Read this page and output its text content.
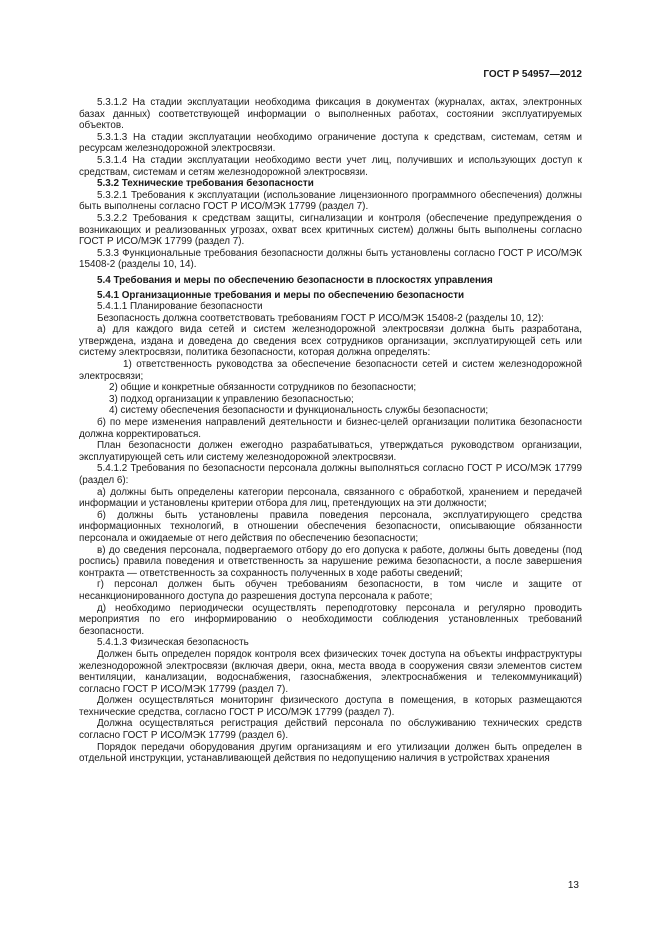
ГОСТ Р 54957—2012

5.3.1.2 На стадии эксплуатации необходима фиксация в документах (журналах, актах, электронных базах данных) соответствующей информации о выполненных работах, состоянии эксплуатируемых объектов.

5.3.1.3 На стадии эксплуатации необходимо ограничение доступа к средствам, системам, сетям и ресурсам железнодорожной электросвязи.

5.3.1.4 На стадии эксплуатации необходимо вести учет лиц, получивших и использующих доступ к средствам, системам и сетям железнодорожной электросвязи.

5.3.2 Технические требования безопасности

5.3.2.1 Требования к эксплуатации (использование лицензионного программного обеспечения) должны быть выполнены согласно ГОСТ Р ИСО/МЭК 17799 (раздел 7).

5.3.2.2 Требования к средствам защиты, сигнализации и контроля (обеспечение предупреждения о возникающих и реализованных угрозах, охват всех критичных систем) должны быть выполнены согласно ГОСТ Р ИСО/МЭК 17799 (раздел 7).

5.3.3 Функциональные требования безопасности должны быть установлены согласно ГОСТ Р ИСО/МЭК 15408-2 (разделы 10, 14).

5.4 Требования и меры по обеспечению безопасности в плоскостях управления

5.4.1 Организационные требования и меры по обеспечению безопасности

5.4.1.1 Планирование безопасности

Безопасность должна соответствовать требованиям ГОСТ Р ИСО/МЭК 15408-2 (разделы 10, 12):

а) для каждого вида сетей и систем железнодорожной электросвязи должна быть разработана, утверждена, издана и доведена до сведения всех сотрудников организации, эксплуатирующей сеть или систему электросвязи, политика безопасности, которая должна определять:

1) ответственность руководства за обеспечение безопасности сетей и систем железнодорожной электросвязи;

2) общие и конкретные обязанности сотрудников по безопасности;

3) подход организации к управлению безопасностью;

4) систему обеспечения безопасности и функциональность службы безопасности;

б) по мере изменения направлений деятельности и бизнес-целей организации политика безопасности должна корректироваться.

План безопасности должен ежегодно разрабатываться, утверждаться руководством организации, эксплуатирующей сеть или систему железнодорожной электросвязи.

5.4.1.2 Требования по безопасности персонала должны выполняться согласно ГОСТ Р ИСО/МЭК 17799 (раздел 6):

а) должны быть определены категории персонала, связанного с обработкой, хранением и передачей информации и установлены критерии отбора для лиц, претендующих на эти должности;

б) должны быть установлены правила поведения персонала, эксплуатирующего средства информационных технологий, в отношении обеспечения безопасности, описывающие обязанности персонала и ожидаемые от него действия по обеспечению безопасности;

в) до сведения персонала, подвергаемого отбору до его допуска к работе, должны быть доведены (под роспись) правила поведения и ответственность за нарушение режима безопасности, а после завершения контракта — ответственность за сохранность полученных в ходе работы сведений;

г) персонал должен быть обучен требованиям безопасности, в том числе и защите от несанкционированного доступа до разрешения доступа персонала к работе;

д) необходимо периодически осуществлять переподготовку персонала и регулярно проводить мероприятия по его информированию о необходимости соблюдения установленных требований безопасности.

5.4.1.3 Физическая безопасность

Должен быть определен порядок контроля всех физических точек доступа на объекты инфраструктуры железнодорожной электросвязи (включая двери, окна, места ввода в сооружения связи элементов систем вентиляции, канализации, водоснабжения, газоснабжения, электроснабжения и телекоммуникаций) согласно ГОСТ Р ИСО/МЭК 17799 (раздел 7).

Должен осуществляться мониторинг физического доступа в помещения, в которых размещаются технические средства, согласно ГОСТ Р ИСО/МЭК 17799 (раздел 7).

Должна осуществляться регистрация действий персонала по обслуживанию технических средств согласно ГОСТ Р ИСО/МЭК 17799 (раздел 6).

Порядок передачи оборудования другим организациям и его утилизации должен быть определен в отдельной инструкции, устанавливающей действия по недопущению наличия в устройствах хранения

13
